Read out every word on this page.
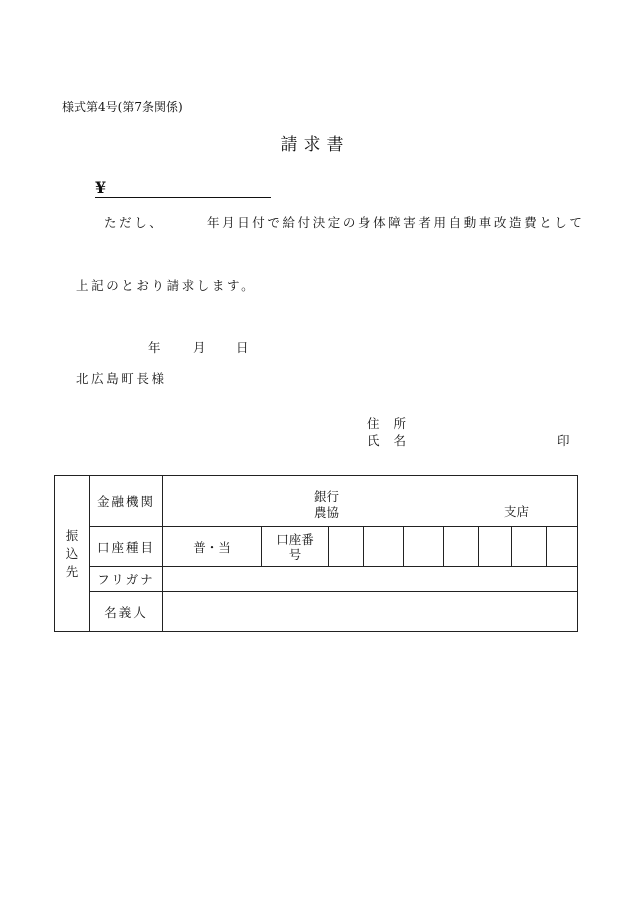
様式第4号(第7条関係)
請求書
¥
ただし、	年月日付で給付決定の身体障害者用自動車改造費として
上記のとおり請求します。
年	月 日
北広島町長様
住 所
氏 名	印
振
込
先	金融機関	銀行
農協 支店								

	口座種目	普・当	口座番
号							
	フリガナ									
	名義人									
